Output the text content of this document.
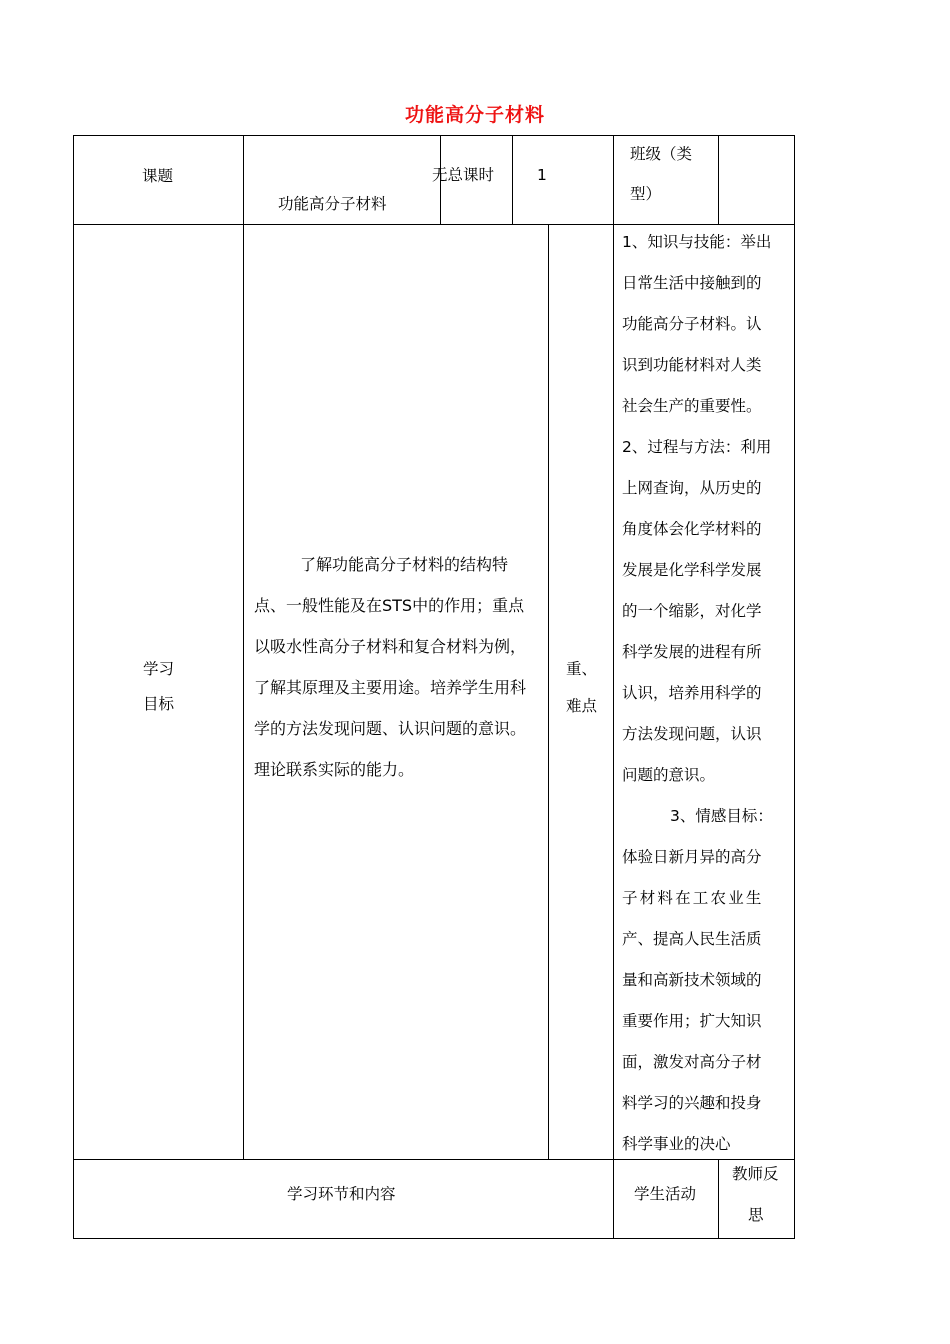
功能高分子材料
课题
功能高分子材料
无总课时	1
班级（类
型）
学习
目标
了解功能高分子材料的结构特
点、一般性能及在STS中的作用；重点
以吸水性高分子材料和复合材料为例，
了解其原理及主要用途。培养学生用科
学的方法发现问题、认识问题的意识。
理论联系实际的能力。
重、
难点
1、知识与技能：举出
日常生活中接触到的
功能高分子材料。认
识到功能材料对人类
社会生产的重要性。
2、过程与方法：利用
上网查询，从历史的
角度体会化学材料的
发展是化学科学发展
的一个缩影，对化学
科学发展的进程有所
认识，培养用科学的
方法发现问题，认识
问题的意识。
3、情感目标：
体验日新月异的高分
子材料在工农业生
产、提高人民生活质
量和高新技术领域的
重要作用；扩大知识
面，激发对高分子材
料学习的兴趣和投身
科学事业的决心
学习环节和内容	学生活动
教师反
思
